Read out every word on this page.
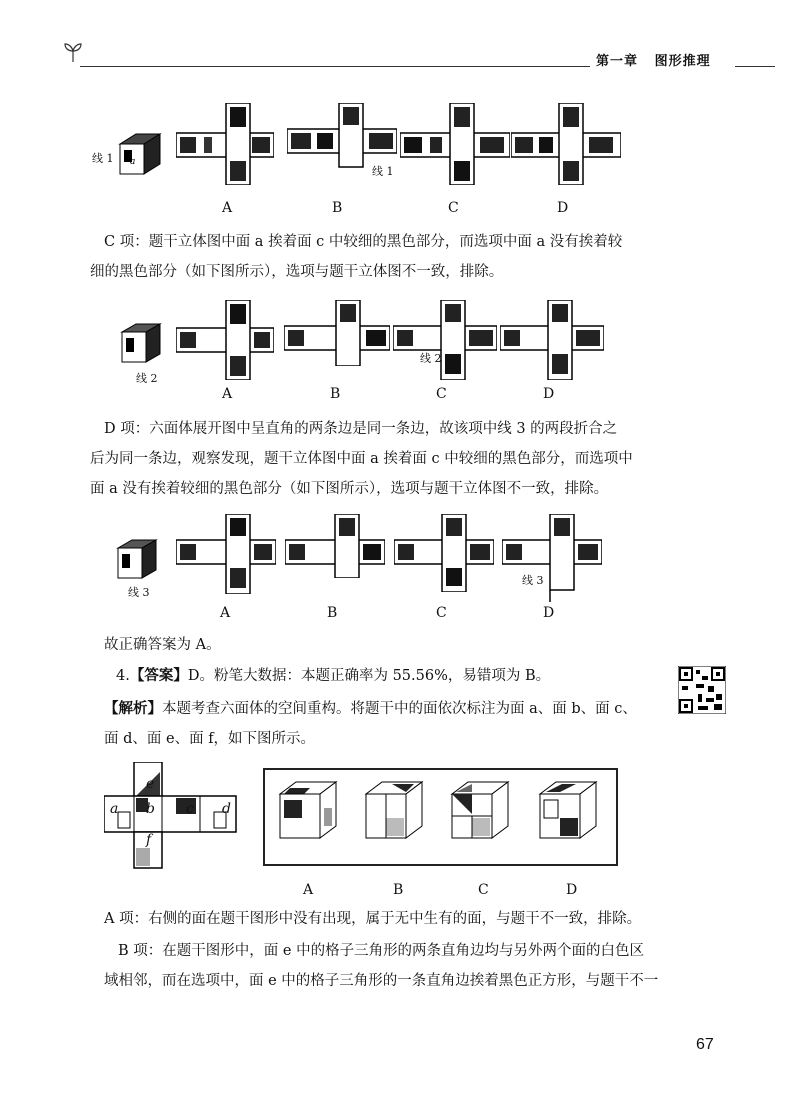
第一章 图形推理
线 1 a
线 1
A	B	C	D
C 项：题干立体图中面 a 挨着面 c 中较细的黑色部分，而选项中面 a 没有挨着较
细的黑色部分（如下图所示），选项与题干立体图不一致，排除。
线 2
线 2
A	B	C	D
D 项：六面体展开图中呈直角的两条边是同一条边，故该项中线 3 的两段折合之
后为同一条边，观察发现，题干立体图中面 a 挨着面 c 中较细的黑色部分，而选项中
面 a 没有挨着较细的黑色部分（如下图所示），选项与题干立体图不一致，排除。
线 3
线 3
A	B	C	D
故正确答案为 A。
4.【答案】D。粉笔大数据：本题正确率为 55.56%，易错项为 B。
【解析】本题考查六面体的空间重构。将题干中的面依次标注为面 a、面 b、面 c、
面 d、面 e、面 f，如下图所示。
e
a b c d
f
A	B	C	D
A 项：右侧的面在题干图形中没有出现，属于无中生有的面，与题干不一致，排除。
B 项：在题干图形中，面 e 中的格子三角形的两条直角边均与另外两个面的白色区
域相邻，而在选项中，面 e 中的格子三角形的一条直角边挨着黑色正方形，与题干不一
67
